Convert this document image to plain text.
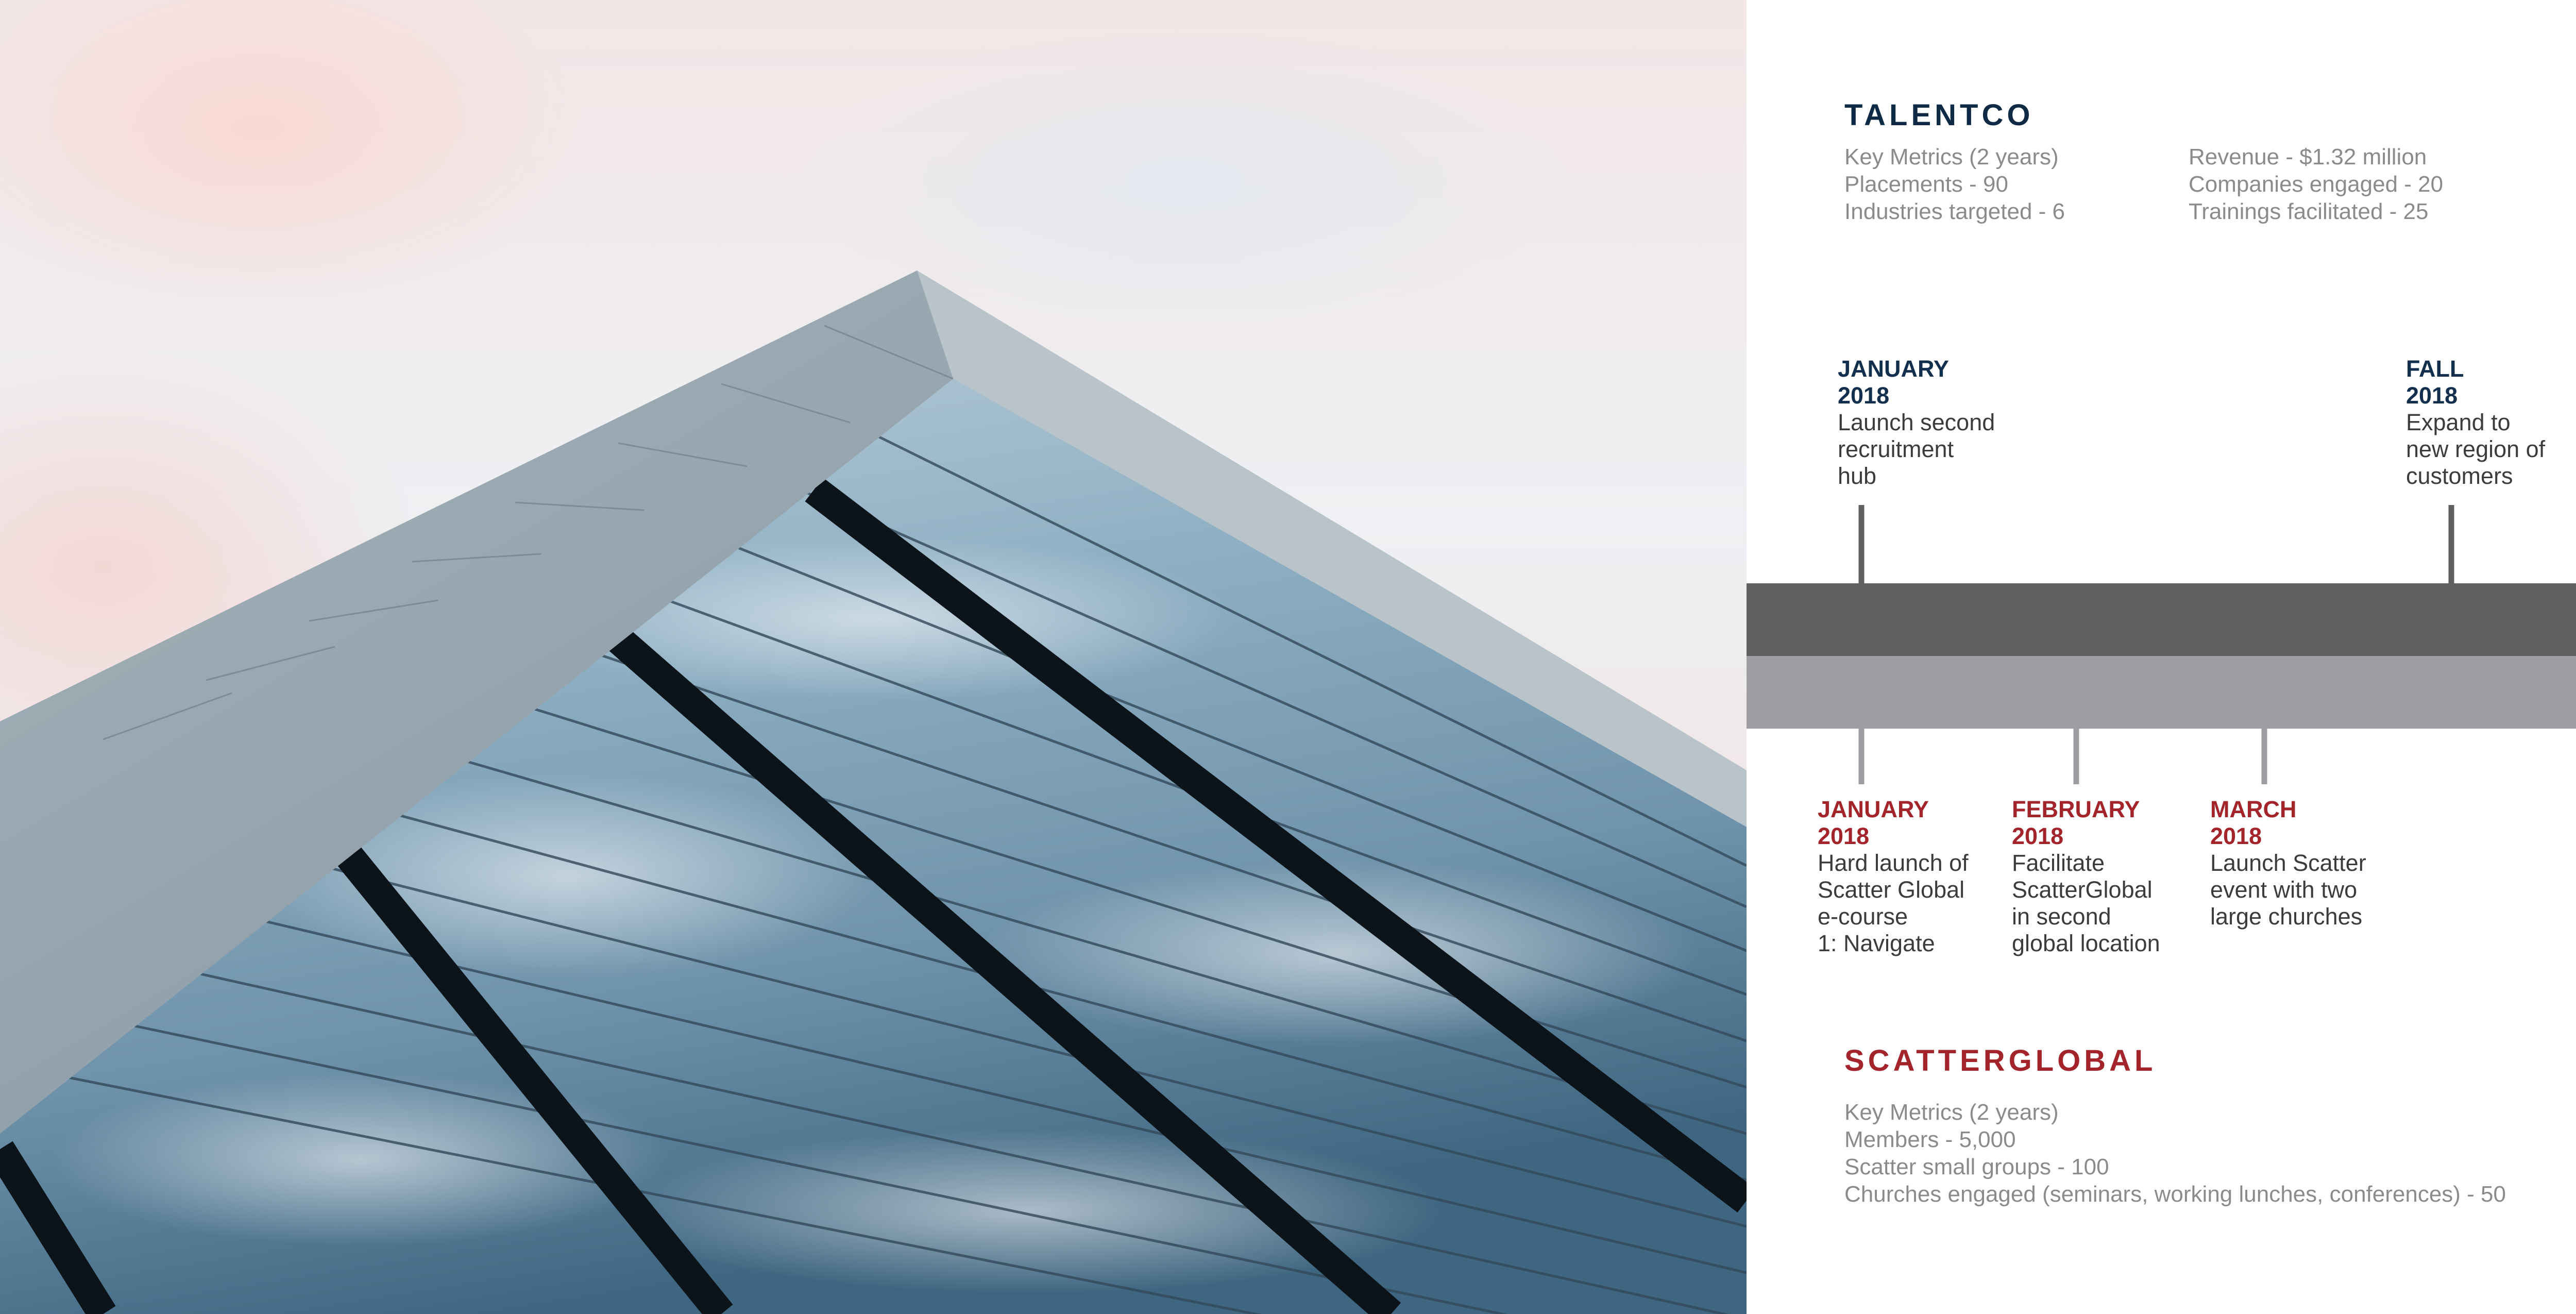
TALENTCO
Key Metrics (2 years)
Placements - 90
Industries targeted - 6
Revenue - $1.32 million
Companies engaged - 20
Trainings facilitated - 25

JANUARY
2018

Launch second
recruitment
hub

FALL
2018

Expand to
new region of
customers

JANUARY
2018

Hard launch of
Scatter Global
e-course
1: Navigate

FEBRUARY
2018

Facilitate
ScatterGlobal
in second
global location

MARCH
2018

Launch Scatter
event with two
large churches

SCATTERGLOBAL
Key Metrics (2 years)
Members - 5,000
Scatter small groups - 100
Churches engaged (seminars, working lunches, conferences) - 50
